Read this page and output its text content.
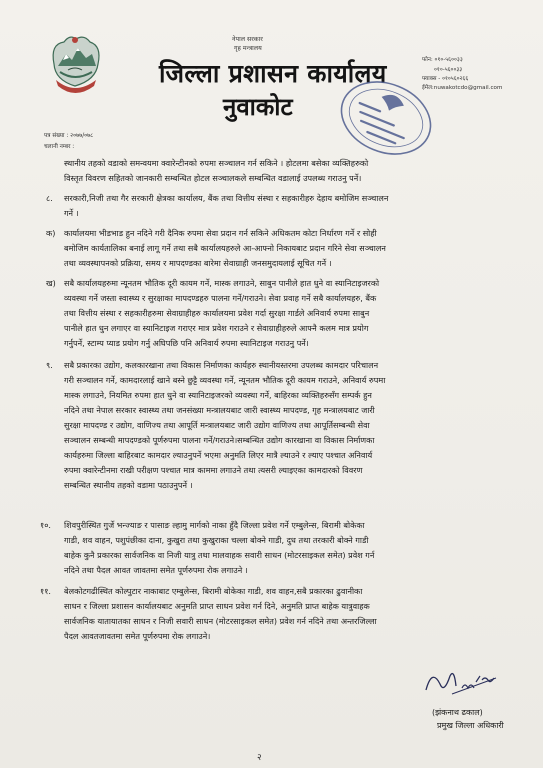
नेपाल सरकार
गृह मन्त्रालय
जिल्ला प्रशासन कार्यालय
नुवाकोट
फोन: ०१०-५६००३३
०१०-५६००३३
फ्याक्स - ०१०५६०२६६
ईमेल:nuwakotcdo@gmail.com
पत्र संख्या : २०७७/०७८
चलानी नम्बर :
स्थानीय तहको वडाको समन्वयमा क्वारेन्टीनको रुपमा सञ्चालन गर्न सकिने । होटलमा बसेका व्यक्तिहरुको
विस्तृत विवरण सहितको जानकारी सम्बन्धित होटल सञ्चालकले सम्बन्धित वडालाई उपलब्ध गराउनु पर्ने।
८. सरकारी,निजी तथा गैर सरकारी क्षेत्रका कार्यालय, बैंक तथा वित्तीय संस्था र सहकारीहरु देहाय बमोजिम सञ्चालन
गर्ने ।
क) कार्यालयमा भीडभाड हुन नदिने गरी दैनिक रुपमा सेवा प्रदान गर्न सकिने अधिकतम कोटा निर्धारण गर्ने र सोही
बमोजिम कार्यतालिका बनाई लागू गर्ने तथा सबै कार्यालयहरुले आ-आफ्नो निकायबाट प्रदान गरिने सेवा सञ्चालन
तथा व्यवस्थापनको प्रक्रिया, समय र मापदण्डका बारेमा सेवाग्राही जनसमुदायलाई सूचित गर्ने ।
ख) सबै कार्यालयहरुमा न्यूनतम भौतिक दूरी कायम गर्ने, मास्क लगाउने, साबुन पानीले हात धुने वा स्यानिटाइजरको
व्यवस्था गर्ने जस्ता स्वास्थ्य र सुरक्षाका मापदण्डहरु पालना गर्ने/गराउने। सेवा प्रवाह गर्ने सबै कार्यालयहरु, बैंक
तथा वित्तीय संस्था र सहकारीहरुमा सेवाग्राहीहरु कार्यालयमा प्रवेश गर्दा सुरक्षा गार्डले अनिवार्य रुपमा साबुन
पानीले हात धुन लगाएर वा स्यानिटाइज गराएर मात्र प्रवेश गराउने र सेवाग्राहीहरुले आफ्नै कलम मात्र प्रयोग
गर्नुपर्ने, स्टाम्प प्याड प्रयोग गर्नु अघिपछि पनि अनिवार्य रुपमा स्यानिटाइज गराउनु पर्ने।
९. सबै प्रकारका उद्योग, कलकारखाना तथा विकास निर्माणका कार्यहरु स्थानीयस्तरमा उपलब्ध कामदार परिचालन
गरी सञ्चालन गर्ने, कामदारलाई खाने बस्ने छुट्टै व्यवस्था गर्ने, न्यूनतम भौतिक दूरी कायम गराउने, अनिवार्य रुपमा
मास्क लगाउने, नियमित रुपमा हात धुने वा स्यानिटाइजरको व्यवस्था गर्ने, बाहिरका व्यक्तिहरुसँग सम्पर्क हुन
नदिने तथा नेपाल सरकार स्वास्थ्य तथा जनसंख्या मन्त्रालयबाट जारी स्वास्थ्य मापदण्ड, गृह मन्त्रालयबाट जारी
सुरक्षा मापदण्ड र उद्योग, वाणिज्य तथा आपूर्ति मन्त्रालयबाट जारी उद्योग वाणिज्य तथा आपूर्तिसम्बन्धी सेवा
सञ्चालन सम्बन्धी मापदण्डको पूर्णरुपमा पालना गर्ने/गराउने।सम्बन्धित उद्योग कारखाना वा विकास निर्माणका
कार्यहरुमा जिल्ला बाहिरबाट कामदार ल्याउनुपर्ने भएमा अनुमति लिएर मात्रै ल्याउने र ल्याए पश्चात अनिवार्य
रुपमा क्वारेन्टीनमा राखी परीक्षण पश्चात मात्र काममा लगाउने तथा त्यसरी ल्याइएका कामदारको विवरण
सम्बन्धित स्थानीय तहको वडामा पठाउनुपर्ने ।
१०. शिवपुरीस्थित गुर्जे भन्ज्याङ र पासाङ ल्हामु मार्गको नाका हुँदै जिल्ला प्रवेश गर्ने एम्बुलेन्स, बिरामी बोकेका
गाडी, शव वाहन, पशुपंछीका दाना, कुखुरा तथा कुखुराका चल्ला बोक्ने गाडी, दुध तथा तरकारी बोक्ने गाडी
बाहेक कुनै प्रकारका सार्वजनिक वा निजी यात्रु तथा मालवाहक सवारी साधन (मोटरसाइकल समेत) प्रवेश गर्न
नदिने तथा पैदल आवत जावतमा समेत पूर्णरुपमा रोक लगाउने ।
११. बेलकोटगढीस्थित कोल्पुटार नाकाबाट एम्बुलेन्स, बिरामी बोकेका गाडी, शव वाहन,सबै प्रकारका ढुवानीका
साधन र जिल्ला प्रशासन कार्यालयबाट अनुमति प्राप्त साधन प्रवेश गर्न दिने, अनुमति प्राप्त बाहेक यात्रुवाहक
सार्वजनिक यातायातका साधन र निजी सवारी साधन (मोटरसाइकल समेत) प्रवेश गर्न नदिने तथा अन्तरजिल्ला
पैदल आवतजावतमा समेत पूर्णरुपमा रोक लगाउने।
(झंकनाथ ढकाल)
प्रमुख जिल्ला अधिकारी
२
